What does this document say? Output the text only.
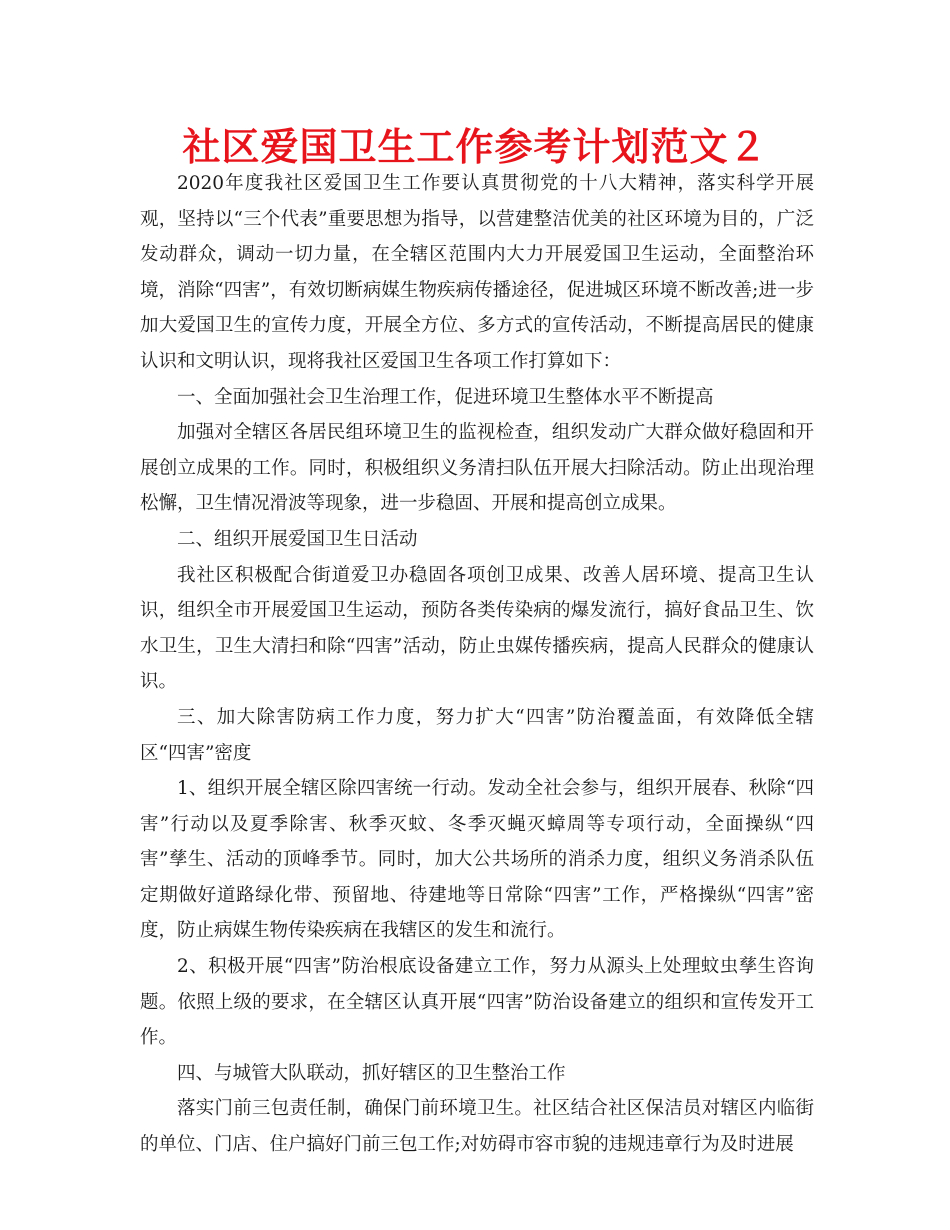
社区爱国卫生工作参考计划范文２

2020年度我社区爱国卫生工作要认真贯彻党的十八大精神，落实科学开展观，坚持以“三个代表”重要思想为指导，以营建整洁优美的社区环境为目的，广泛发动群众，调动一切力量，在全辖区范围内大力开展爱国卫生运动，全面整治环境，消除“四害”，有效切断病媒生物疾病传播途径，促进城区环境不断改善;进一步加大爱国卫生的宣传力度，开展全方位、多方式的宣传活动，不断提高居民的健康认识和文明认识，现将我社区爱国卫生各项工作打算如下：

一、全面加强社会卫生治理工作，促进环境卫生整体水平不断提高

加强对全辖区各居民组环境卫生的监视检查，组织发动广大群众做好稳固和开展创立成果的工作。同时，积极组织义务清扫队伍开展大扫除活动。防止出现治理松懈，卫生情况滑波等现象，进一步稳固、开展和提高创立成果。

二、组织开展爱国卫生日活动

我社区积极配合街道爱卫办稳固各项创卫成果、改善人居环境、提高卫生认识，组织全市开展爱国卫生运动，预防各类传染病的爆发流行，搞好食品卫生、饮水卫生，卫生大清扫和除“四害”活动，防止虫媒传播疾病，提高人民群众的健康认识。

三、加大除害防病工作力度，努力扩大“四害”防治覆盖面，有效降低全辖区“四害”密度

1、组织开展全辖区除四害统一行动。发动全社会参与，组织开展春、秋除“四害”行动以及夏季除害、秋季灭蚊、冬季灭蝇灭蟑周等专项行动，全面操纵“四害”孳生、活动的顶峰季节。同时，加大公共场所的消杀力度，组织义务消杀队伍定期做好道路绿化带、预留地、待建地等日常除“四害”工作，严格操纵“四害”密度，防止病媒生物传染疾病在我辖区的发生和流行。

2、积极开展“四害”防治根底设备建立工作，努力从源头上处理蚊虫孳生咨询题。依照上级的要求，在全辖区认真开展“四害”防治设备建立的组织和宣传发开工作。

四、与城管大队联动，抓好辖区的卫生整治工作

落实门前三包责任制，确保门前环境卫生。社区结合社区保洁员对辖区内临街的单位、门店、住户搞好门前三包工作;对妨碍市容市貌的违规违章行为及时进展
